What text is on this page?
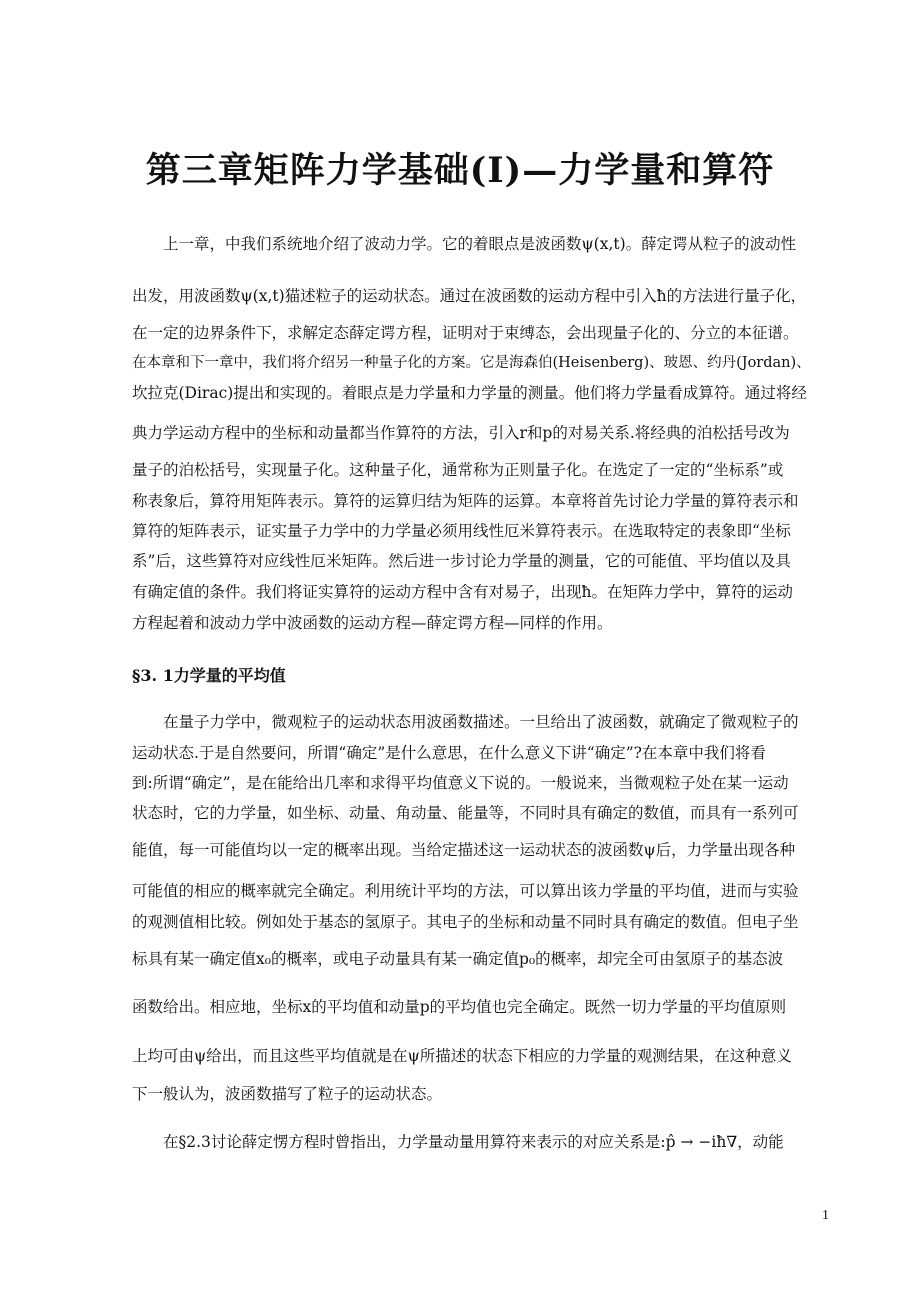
第三章矩阵力学基础(I)—力学量和算符
上一章，中我们系统地介绍了波动力学。它的着眼点是波函数ψ(x,t)。薛定谔从粒子的波动性
出发，用波函数ψ(x,t)猫述粒子的运动状态。通过在波函数的运动方程中引入ħ的方法进行量子化，
在一定的边界条件下，求解定态薛定谔方程，证明对于束缚态，会出现量子化的、分立的本征谱。
在本章和下一章中，我们将介绍另一种量子化的方案。它是海森伯(Heisenberg)、玻恩、约丹(Jordan)、
坎拉克(Dirac)提出和实现的。着眼点是力学量和力学量的测量。他们将力学量看成算符。通过将经
典力学运动方程中的坐标和动量都当作算符的方法，引入r和p的对易关系.将经典的泊松括号改为
量子的泊松括号，实现量子化。这种量子化，通常称为正则量子化。在选定了一定的“坐标系”或
称表象后，算符用矩阵表示。算符的运算归结为矩阵的运算。本章将首先讨论力学量的算符表示和
算符的矩阵表示，证实量子力学中的力学量必须用线性厄米算符表示。在选取特定的表象即“坐标
系”后，这些算符对应线性厄米矩阵。然后进一步讨论力学量的测量，它的可能值、平均值以及具
有确定值的条件。我们将证实算符的运动方程中含有对易子，出现ħ。在矩阵力学中，算符的运动
方程起着和波动力学中波函数的运动方程—薛定谔方程—同样的作用。
§3. 1力学量的平均值
在量子力学中，微观粒子的运动状态用波函数描述。一旦给出了波函数，就确定了微观粒子的
运动状态.于是自然要问，所谓“确定”是什么意思，在什么意义下讲“确定”?在本章中我们将看
到:所谓“确定”，是在能给出几率和求得平均值意义下说的。一般说来，当微观粒子处在某一运动
状态时，它的力学量，如坐标、动量、角动量、能量等，不同时具有确定的数值，而具有一系列可
能值，每一可能值均以一定的概率出现。当给定描述这一运动状态的波函数ψ后，力学量出现各种
可能值的相应的概率就完全确定。利用统计平均的方法，可以算出该力学量的平均值，进而与实验
的观测值相比较。例如处于基态的氢原子。其电子的坐标和动量不同时具有确定的数值。但电子坐
标具有某一确定值x₀的概率，或电子动量具有某一确定值p₀的概率，却完全可由氢原子的基态波
函数给出。相应地，坐标x的平均值和动量p的平均值也完全确定。既然一切力学量的平均值原则
上均可由ψ给出，而且这些平均值就是在ψ所描述的状态下相应的力学量的观测结果，在这种意义
下一般认为，波函数描写了粒子的运动状态。
在§2.3讨论薛定愣方程时曾指出，力学量动量用算符来表示的对应关系是:p̂ → −iħ∇，动能
1
